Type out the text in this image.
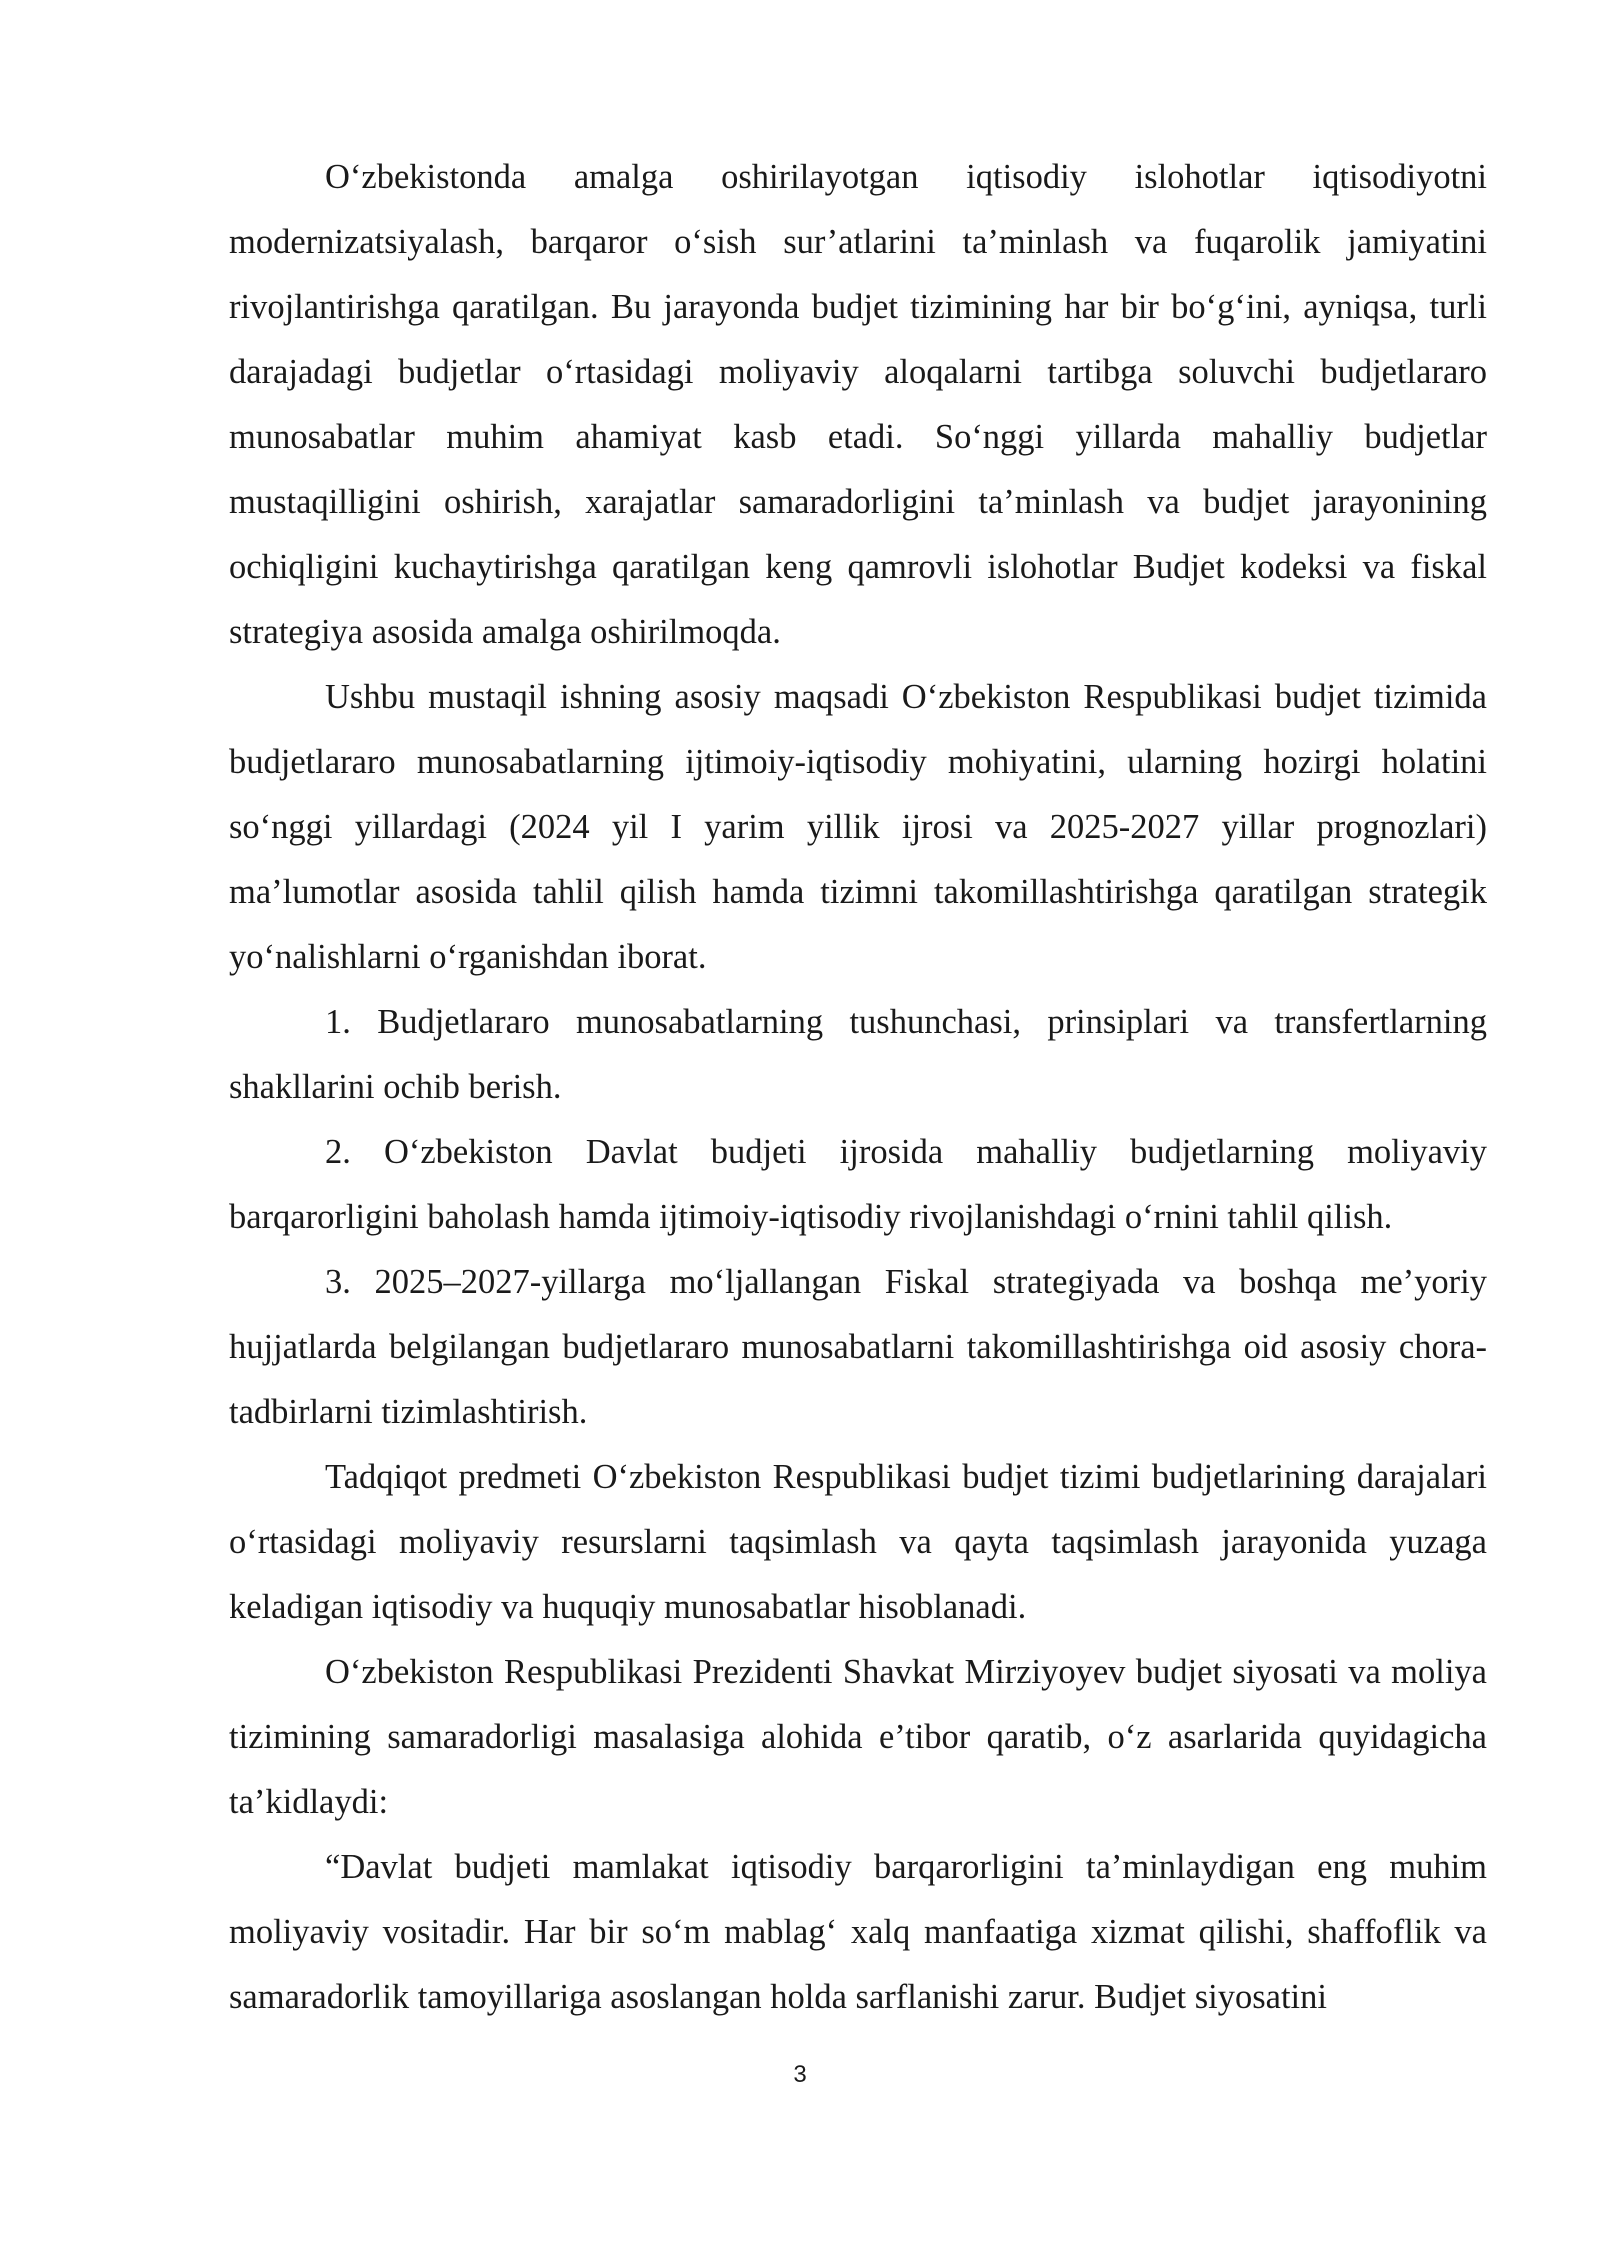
O‘zbekistonda amalga oshirilayotgan iqtisodiy islohotlar iqtisodiyotni modernizatsiyalash, barqaror o‘sish sur’atlarini ta’minlash va fuqarolik jamiyatini rivojlantirishga qaratilgan. Bu jarayonda budjet tizimining har bir bo‘g‘ini, ayniqsa, turli darajadagi budjetlar o‘rtasidagi moliyaviy aloqalarni tartibga soluvchi budjetlararo munosabatlar muhim ahamiyat kasb etadi. So‘nggi yillarda mahalliy budjetlar mustaqilligini oshirish, xarajatlar samaradorligini ta’minlash va budjet jarayonining ochiqligini kuchaytirishga qaratilgan keng qamrovli islohotlar Budjet kodeksi va fiskal strategiya asosida amalga oshirilmoqda.

Ushbu mustaqil ishning asosiy maqsadi O‘zbekiston Respublikasi budjet tizimida budjetlararo munosabatlarning ijtimoiy-iqtisodiy mohiyatini, ularning hozirgi holatini so‘nggi yillardagi (2024 yil I yarim yillik ijrosi va 2025-2027 yillar prognozlari) ma’lumotlar asosida tahlil qilish hamda tizimni takomillashtirishga qaratilgan strategik yo‘nalishlarni o‘rganishdan iborat.

1. Budjetlararo munosabatlarning tushunchasi, prinsiplari va transfertlarning shakllarini ochib berish.

2. O‘zbekiston Davlat budjeti ijrosida mahalliy budjetlarning moliyaviy barqarorligini baholash hamda ijtimoiy-iqtisodiy rivojlanishdagi o‘rnini tahlil qilish.

3. 2025–2027-yillarga mo‘ljallangan Fiskal strategiyada va boshqa me’yoriy hujjatlarda belgilangan budjetlararo munosabatlarni takomillashtirishga oid asosiy chora-tadbirlarni tizimlashtirish.

Tadqiqot predmeti O‘zbekiston Respublikasi budjet tizimi budjetlarining darajalari o‘rtasidagi moliyaviy resurslarni taqsimlash va qayta taqsimlash jarayonida yuzaga keladigan iqtisodiy va huquqiy munosabatlar hisoblanadi.

O‘zbekiston Respublikasi Prezidenti Shavkat Mirziyoyev budjet siyosati va moliya tizimining samaradorligi masalasiga alohida e’tibor qaratib, o‘z asarlarida quyidagicha ta’kidlaydi:

“Davlat budjeti mamlakat iqtisodiy barqarorligini ta’minlaydigan eng muhim moliyaviy vositadir. Har bir so‘m mablag‘ xalq manfaatiga xizmat qilishi, shaffoflik va samaradorlik tamoyillariga asoslangan holda sarflanishi zarur. Budjet siyosatini

3
